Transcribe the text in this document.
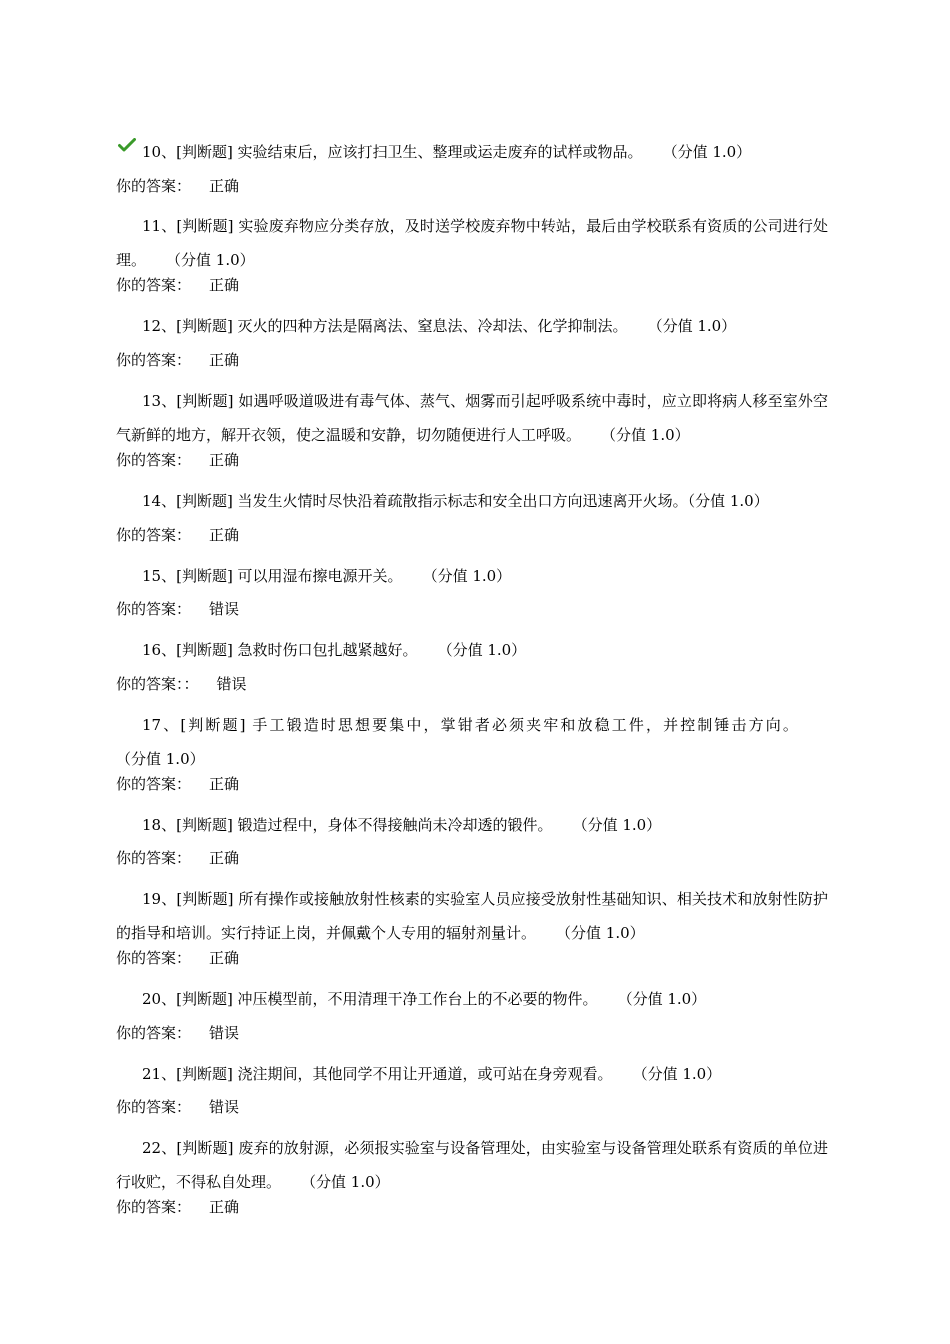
10、[判断题] 实验结束后，应该打扫卫生、整理或运走废弃的试样或物品。 （分值 1.0）
你的答案： 正确
11、[判断题] 实验废弃物应分类存放，及时送学校废弃物中转站，最后由学校联系有资质的公司进行处理。 （分值 1.0）
你的答案： 正确
12、[判断题] 灭火的四种方法是隔离法、窒息法、冷却法、化学抑制法。 （分值 1.0）
你的答案： 正确
13、[判断题] 如遇呼吸道吸进有毒气体、蒸气、烟雾而引起呼吸系统中毒时，应立即将病人移至室外空气新鲜的地方，解开衣领，使之温暖和安静，切勿随便进行人工呼吸。 （分值 1.0）
你的答案： 正确
14、[判断题] 当发生火情时尽快沿着疏散指示标志和安全出口方向迅速离开火场。（分值 1.0）
你的答案： 正确
15、[判断题] 可以用湿布擦电源开关。 （分值 1.0）
你的答案： 错误
16、[判断题] 急救时伤口包扎越紧越好。 （分值 1.0）
你的答案：： 错误
17、[判断题] 手工锻造时思想要集中，掌钳者必须夹牢和放稳工件，并控制锤击方向。（分值 1.0）
你的答案： 正确
18、[判断题] 锻造过程中，身体不得接触尚未冷却透的锻件。 （分值 1.0）
你的答案： 正确
19、[判断题] 所有操作或接触放射性核素的实验室人员应接受放射性基础知识、相关技术和放射性防护的指导和培训。实行持证上岗，并佩戴个人专用的辐射剂量计。 （分值 1.0）
你的答案： 正确
20、[判断题] 冲压模型前，不用清理干净工作台上的不必要的物件。 （分值 1.0）
你的答案： 错误
21、[判断题] 浇注期间，其他同学不用让开通道，或可站在身旁观看。 （分值 1.0）
你的答案： 错误
22、[判断题] 废弃的放射源，必须报实验室与设备管理处，由实验室与设备管理处联系有资质的单位进行收贮，不得私自处理。 （分值 1.0）
你的答案： 正确
